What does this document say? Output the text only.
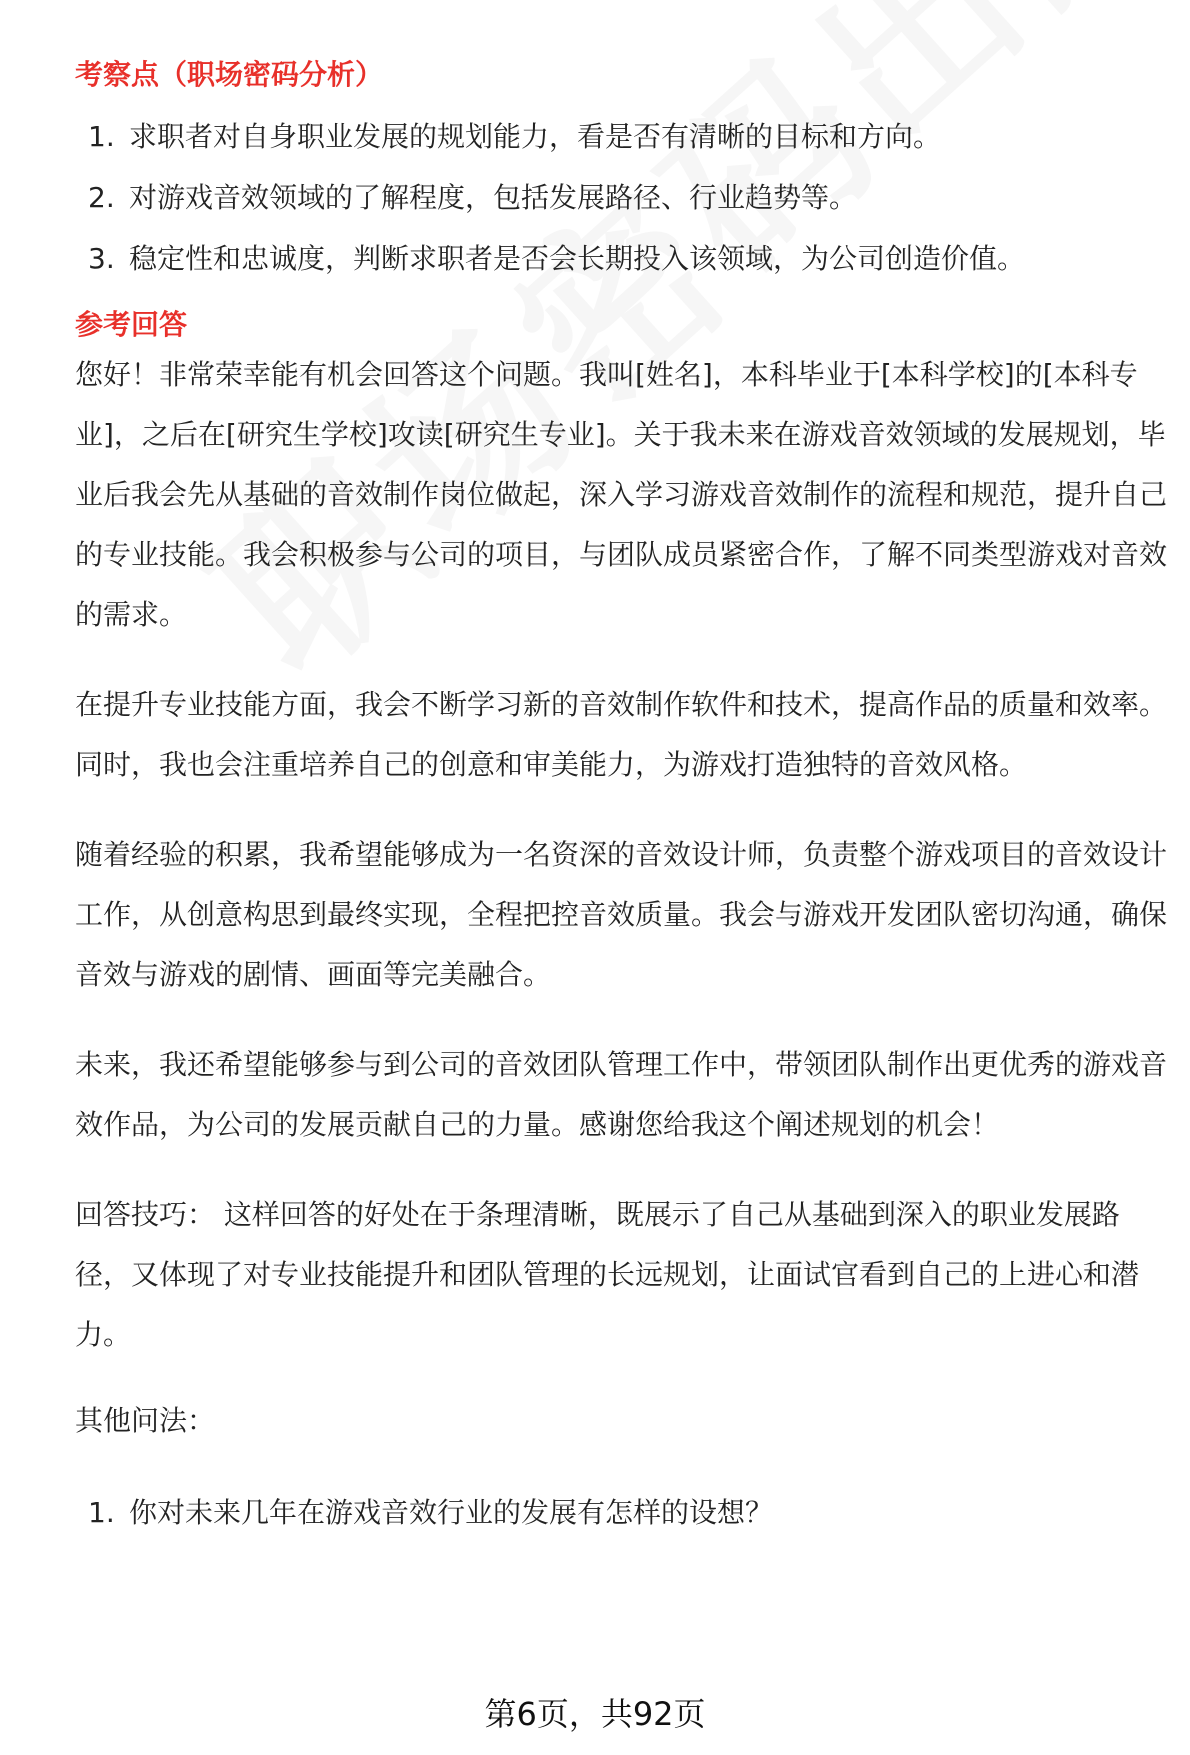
考察点（职场密码分析）
1. 求职者对自身职业发展的规划能力，看是否有清晰的目标和方向。
2. 对游戏音效领域的了解程度，包括发展路径、行业趋势等。
3. 稳定性和忠诚度，判断求职者是否会长期投入该领域，为公司创造价值。
参考回答

您好！非常荣幸能有机会回答这个问题。我叫[姓名]，本科毕业于[本科学校]的[本科专业]，之后在[研究生学校]攻读[研究生专业]。关于我未来在游戏音效领域的发展规划，毕业后我会先从基础的音效制作岗位做起，深入学习游戏音效制作的流程和规范，提升自己的专业技能。我会积极参与公司的项目，与团队成员紧密合作，了解不同类型游戏对音效的需求。

在提升专业技能方面，我会不断学习新的音效制作软件和技术，提高作品的质量和效率。同时，我也会注重培养自己的创意和审美能力，为游戏打造独特的音效风格。

随着经验的积累，我希望能够成为一名资深的音效设计师，负责整个游戏项目的音效设计工作，从创意构思到最终实现，全程把控音效质量。我会与游戏开发团队密切沟通，确保音效与游戏的剧情、画面等完美融合。

未来，我还希望能够参与到公司的音效团队管理工作中，带领团队制作出更优秀的游戏音效作品，为公司的发展贡献自己的力量。感谢您给我这个阐述规划的机会！

回答技巧： 这样回答的好处在于条理清晰，既展示了自己从基础到深入的职业发展路径，又体现了对专业技能提升和团队管理的长远规划，让面试官看到自己的上进心和潜力。

其他问法：
1. 你对未来几年在游戏音效行业的发展有怎样的设想？
第6页，共92页
